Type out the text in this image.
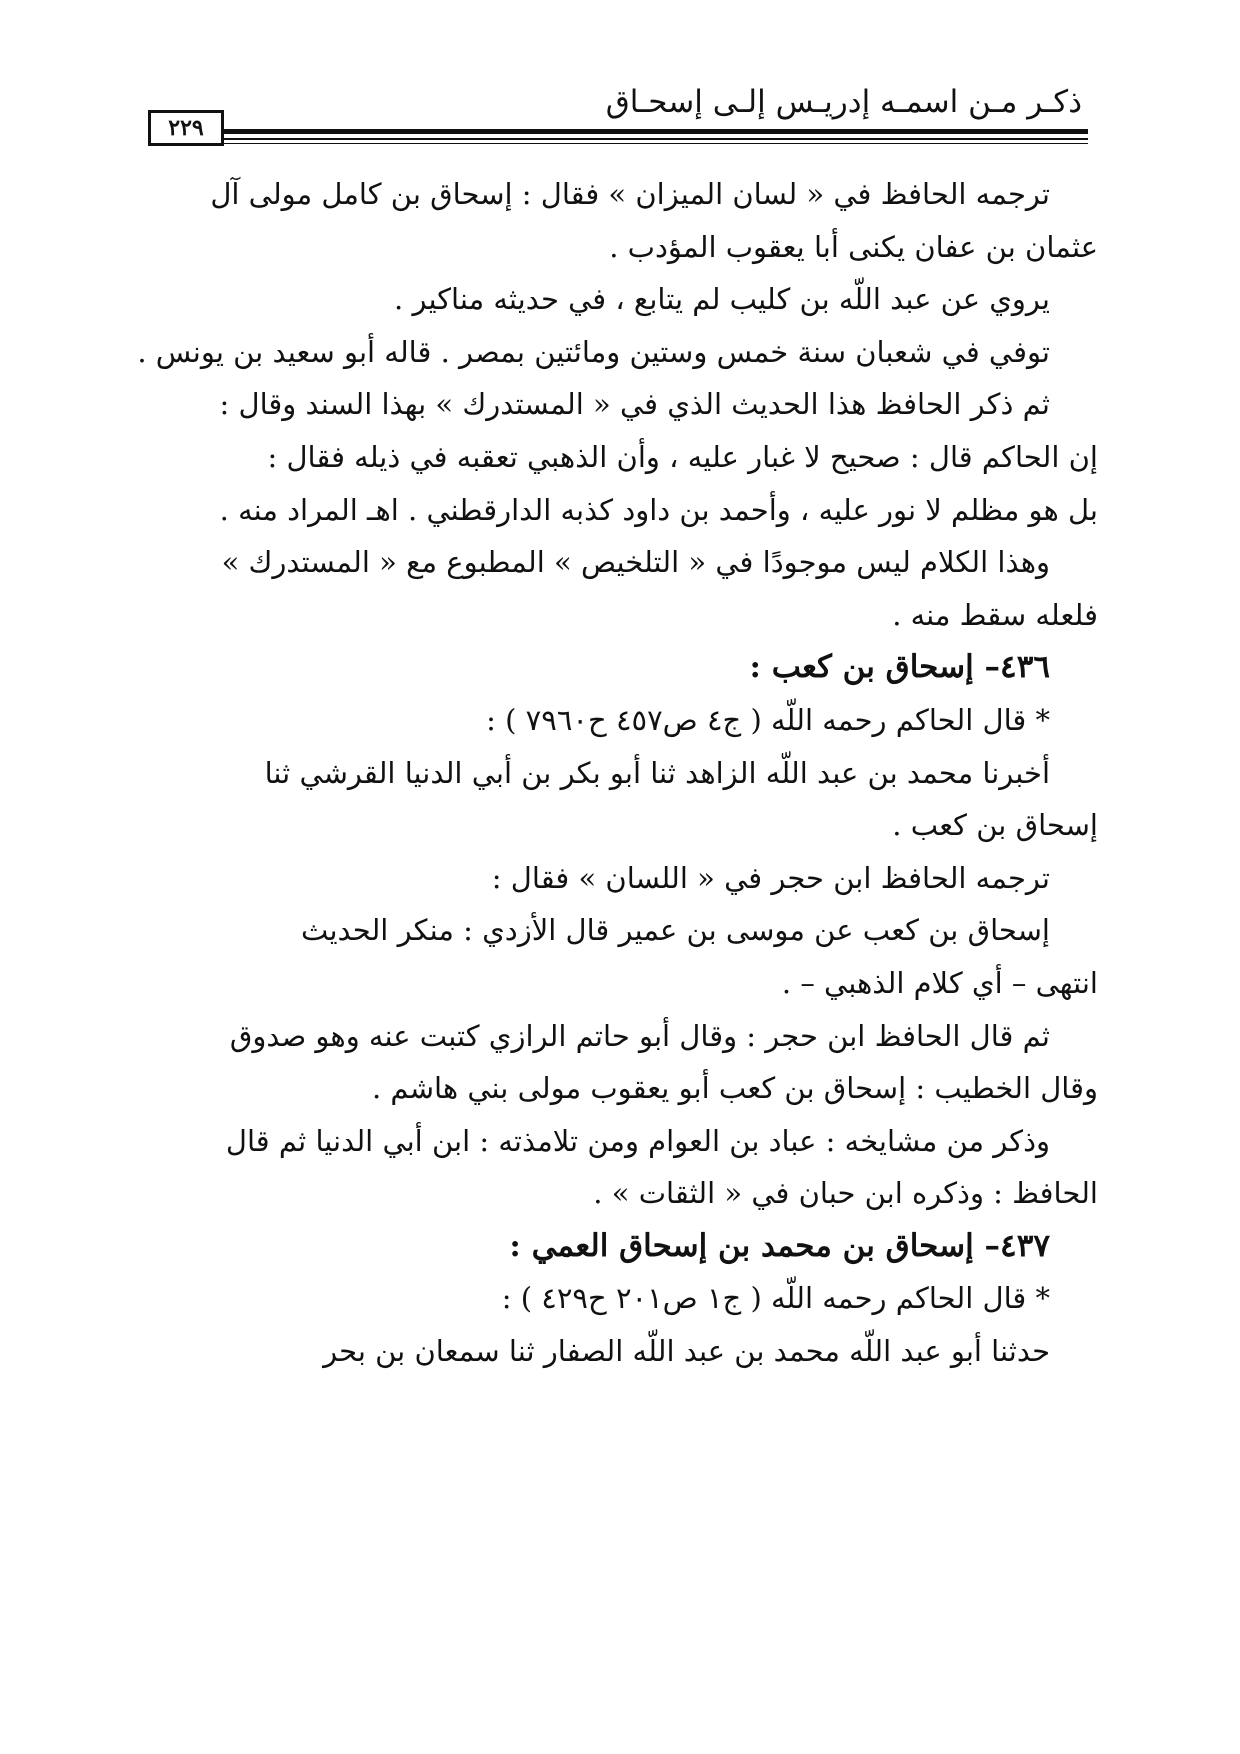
ذكـر مـن اسمـه إدريـس إلـى إسحـاق
٢٢٩
ترجمه الحافظ في « لسان الميزان » فقال : إسحاق بن كامل مولى آل
عثمان بن عفان يكنى أبا يعقوب المؤدب .
يروي عن عبد اللّه بن كليب لم يتابع ، في حديثه مناكير .
توفي في شعبان سنة خمس وستين ومائتين بمصر . قاله أبو سعيد بن يونس .
ثم ذكر الحافظ هذا الحديث الذي في « المستدرك » بهذا السند وقال :
إن الحاكم قال : صحيح لا غبار عليه ، وأن الذهبي تعقبه في ذيله فقال :
بل هو مظلم لا نور عليه ، وأحمد بن داود كذبه الدارقطني . اهـ المراد منه .
وهذا الكلام ليس موجودًا في « التلخيص » المطبوع مع « المستدرك »
فلعله سقط منه .
٤٣٦– إسحاق بن كعب :
* قال الحاكم رحمه اللّه ( ج٤ ص٤٥٧ ح٧٩٦٠ ) :
أخبرنا محمد بن عبد اللّه الزاهد ثنا أبو بكر بن أبي الدنيا القرشي ثنا
إسحاق بن كعب .
ترجمه الحافظ ابن حجر في « اللسان » فقال :
إسحاق بن كعب عن موسى بن عمير قال الأزدي : منكر الحديث
انتهى – أي كلام الذهبي – .
ثم قال الحافظ ابن حجر : وقال أبو حاتم الرازي كتبت عنه وهو صدوق
وقال الخطيب : إسحاق بن كعب أبو يعقوب مولى بني هاشم .
وذكر من مشايخه : عباد بن العوام ومن تلامذته : ابن أبي الدنيا ثم قال
الحافظ : وذكره ابن حبان في « الثقات » .
٤٣٧– إسحاق بن محمد بن إسحاق العمي :
* قال الحاكم رحمه اللّه ( ج١ ص٢٠١ ح٤٢٩ ) :
حدثنا أبو عبد اللّه محمد بن عبد اللّه الصفار ثنا سمعان بن بحر
